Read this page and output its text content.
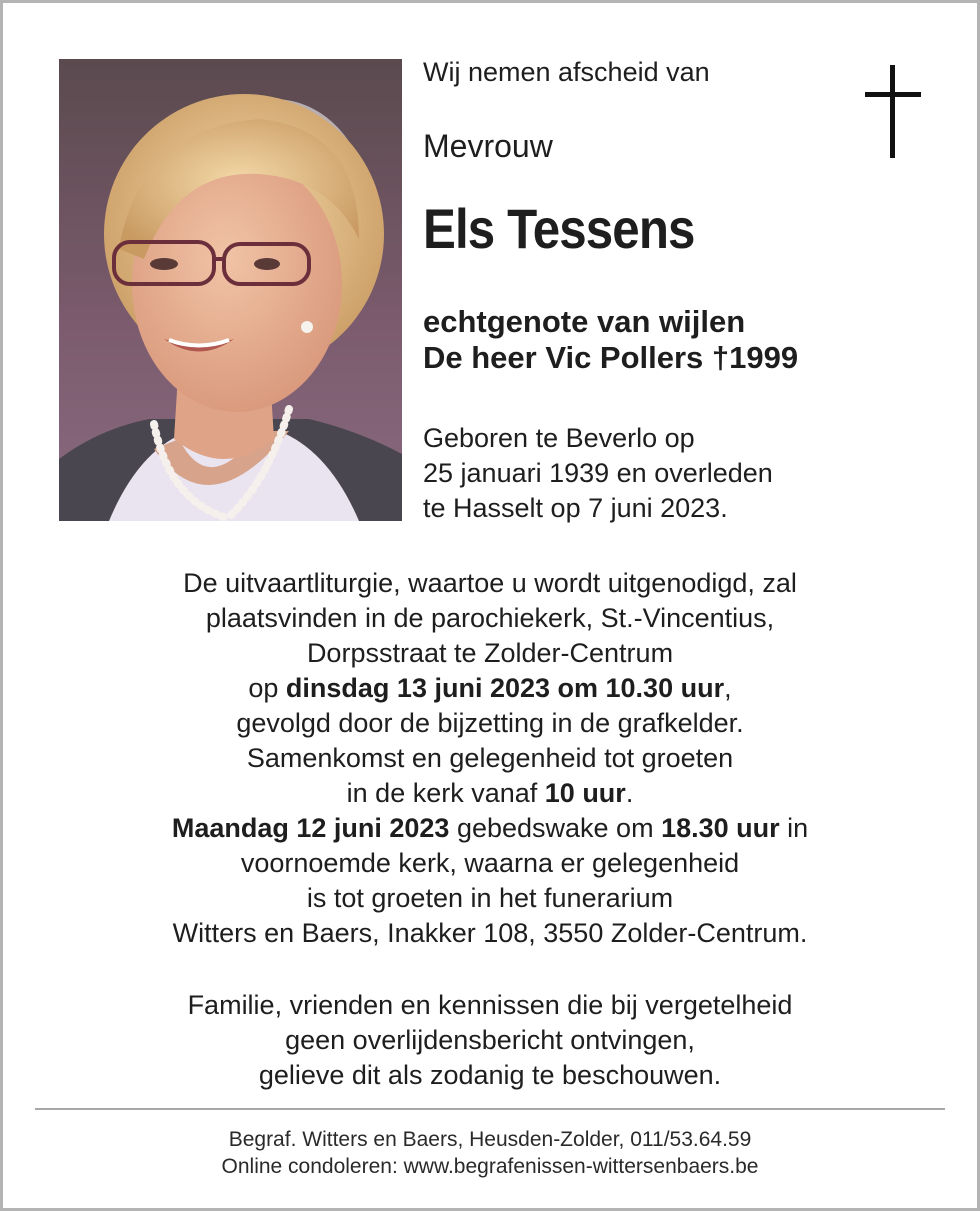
Wij nemen afscheid van

Mevrouw

Els Tessens

echtgenote van wijlen

De heer Vic Pollers †1999

Geboren te Beverlo op

25 januari 1939 en overleden

te Hasselt op 7 juni 2023.

De uitvaartliturgie, waartoe u wordt uitgenodigd, zal

plaatsvinden in de parochiekerk, St.-Vincentius,

Dorpsstraat te Zolder-Centrum

op dinsdag 13 juni 2023 om 10.30 uur,

gevolgd door de bijzetting in de grafkelder.

Samenkomst en gelegenheid tot groeten

in de kerk vanaf 10 uur.

Maandag 12 juni 2023 gebedswake om 18.30 uur in

voornoemde kerk, waarna er gelegenheid

is tot groeten in het funerarium

Witters en Baers, Inakker 108, 3550 Zolder-Centrum.

Familie, vrienden en kennissen die bij vergetelheid

geen overlijdensbericht ontvingen,

gelieve dit als zodanig te beschouwen.

Begraf. Witters en Baers, Heusden-Zolder, 011/53.64.59

Online condoleren: www.begrafenissen-wittersenbaers.be
